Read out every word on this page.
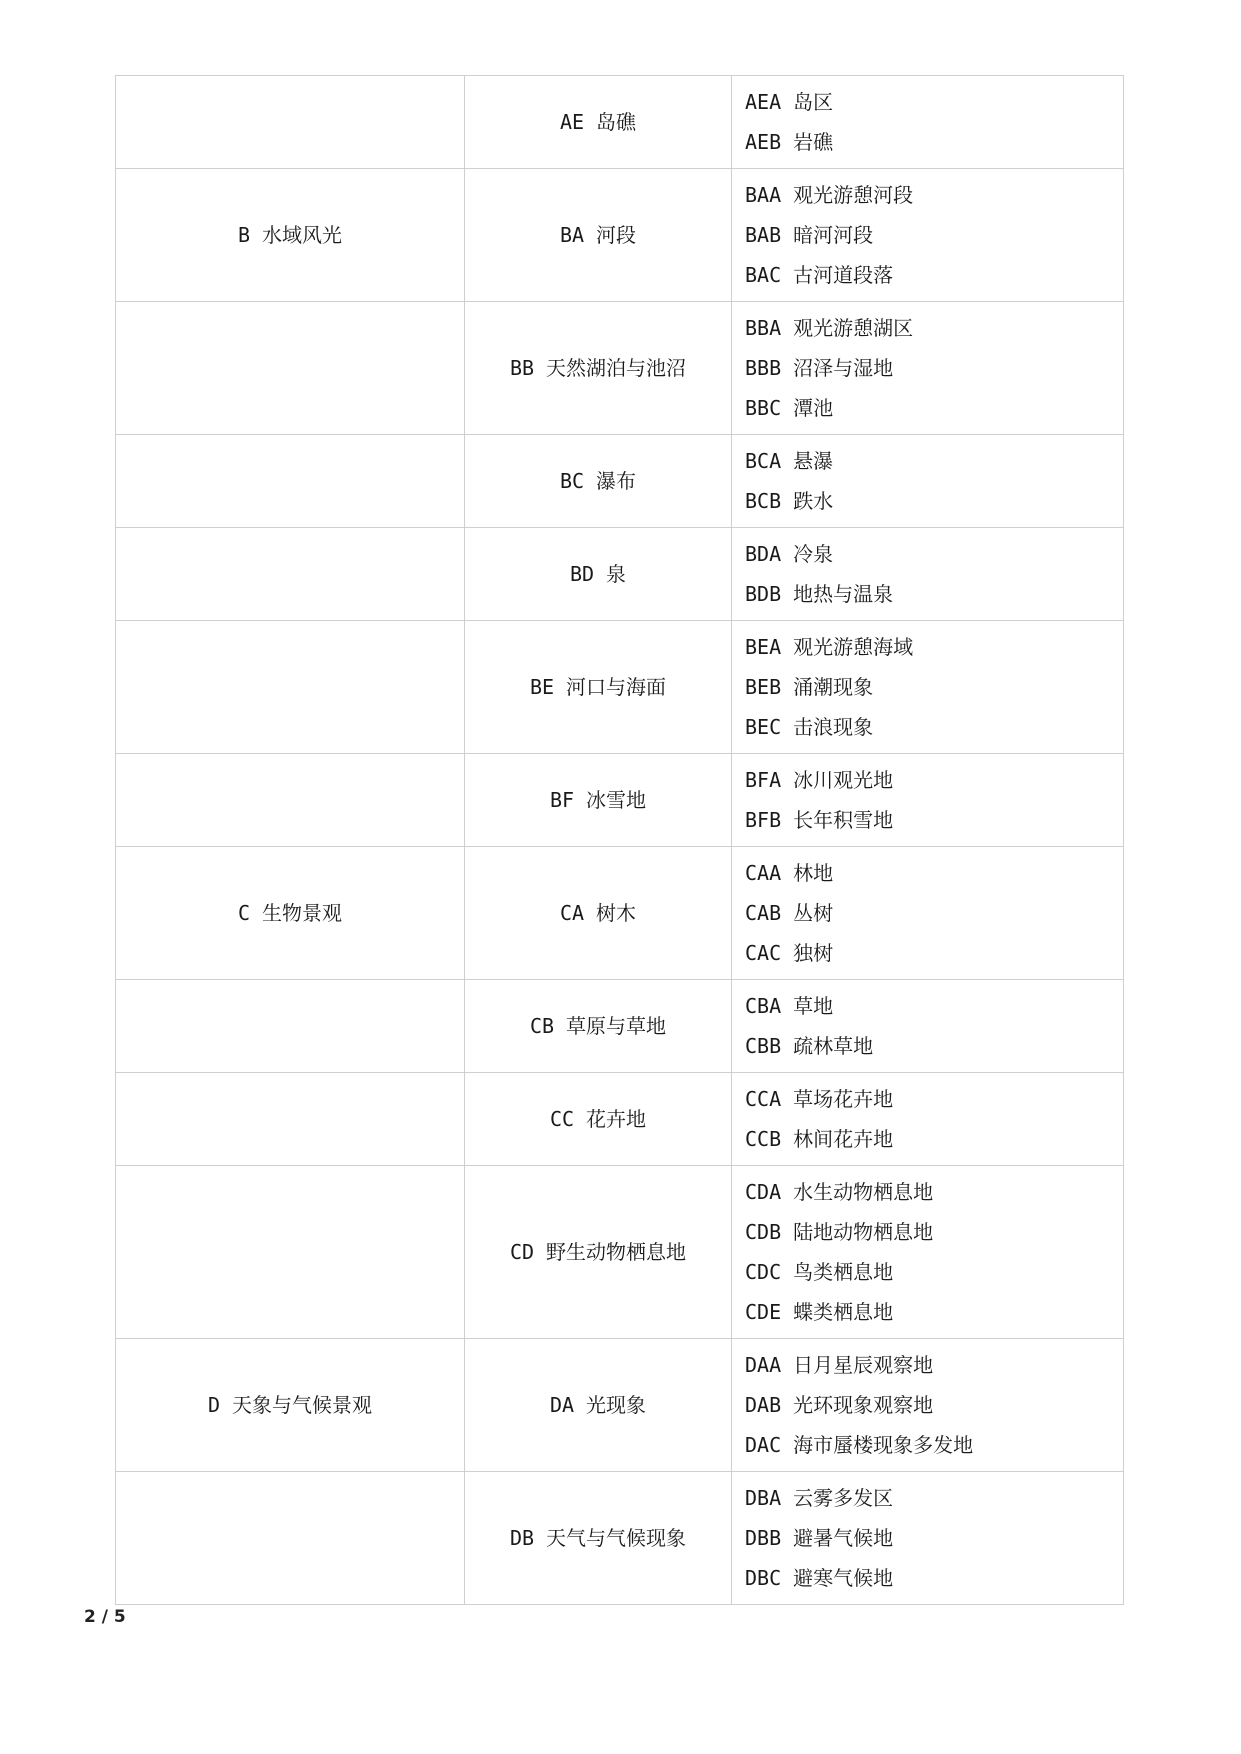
	AE 岛礁	AEA 岛区
AEB 岩礁

B 水域风光	BA 河段	BAA 观光游憩河段
BAB 暗河河段
BAC 古河道段落

	BB 天然湖泊与池沼	BBA 观光游憩湖区
BBB 沼泽与湿地
BBC 潭池

	BC 瀑布	BCA 悬瀑
BCB 跌水

	BD 泉	BDA 冷泉
BDB 地热与温泉

	BE 河口与海面	BEA 观光游憩海域
BEB 涌潮现象
BEC 击浪现象

	BF 冰雪地	BFA 冰川观光地
BFB 长年积雪地

C 生物景观	CA 树木	CAA 林地
CAB 丛树
CAC 独树

	CB 草原与草地	CBA 草地
CBB 疏林草地

	CC 花卉地	CCA 草场花卉地
CCB 林间花卉地

	CD 野生动物栖息地	CDA 水生动物栖息地
CDB 陆地动物栖息地
CDC 鸟类栖息地
CDE 蝶类栖息地

D 天象与气候景观	DA 光现象	DAA 日月星辰观察地
DAB 光环现象观察地
DAC 海市蜃楼现象多发地

	DB 天气与气候现象	DBA 云雾多发区
DBB 避暑气候地
DBC 避寒气候地
2 / 5
